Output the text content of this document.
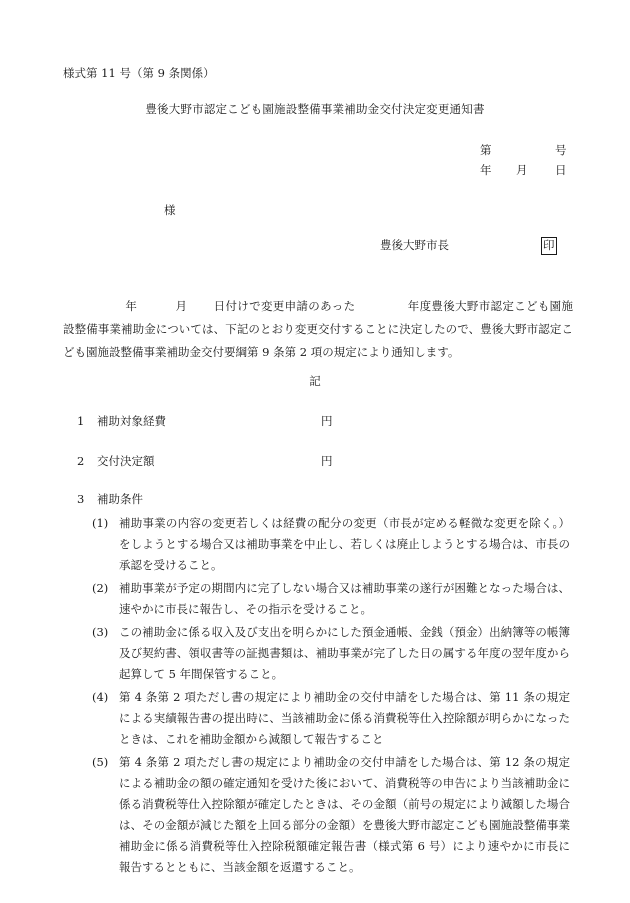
様式第 11 号（第 9 条関係）
豊後大野市認定こども園施設整備事業補助金交付決定変更通知書
第	号
年 月 日
様
豊後大野市長	印
年	月 日付けで変更申請のあった	年度豊後大野市認定こども園施設整備事業補助金については、下記のとおり変更交付することに決定したので、豊後大野市認定こども園施設整備事業補助金交付要綱第 9 条第 2 項の規定により通知します。
記
1 補助対象経費	円
2 交付決定額	円
3 補助条件
(1) 補助事業の内容の変更若しくは経費の配分の変更（市長が定める軽微な変更を除く。）をしようとする場合又は補助事業を中止し、若しくは廃止しようとする場合は、市長の承認を受けること。
(2) 補助事業が予定の期間内に完了しない場合又は補助事業の遂行が困難となった場合は、速やかに市長に報告し、その指示を受けること。
(3) この補助金に係る収入及び支出を明らかにした預金通帳、金銭（預金）出納簿等の帳簿及び契約書、領収書等の証拠書類は、補助事業が完了した日の属する年度の翌年度から起算して 5 年間保管すること。
(4) 第 4 条第 2 項ただし書の規定により補助金の交付申請をした場合は、第 11 条の規定による実績報告書の提出時に、当該補助金に係る消費税等仕入控除額が明らかになったときは、これを補助金額から減額して報告すること
(5) 第 4 条第 2 項ただし書の規定により補助金の交付申請をした場合は、第 12 条の規定による補助金の額の確定通知を受けた後において、消費税等の申告により当該補助金に係る消費税等仕入控除額が確定したときは、その金額（前号の規定により減額した場合は、その金額が減じた額を上回る部分の金額）を豊後大野市認定こども園施設整備事業補助金に係る消費税等仕入控除税額確定報告書（様式第 6 号）により速やかに市長に報告するとともに、当該金額を返還すること。
